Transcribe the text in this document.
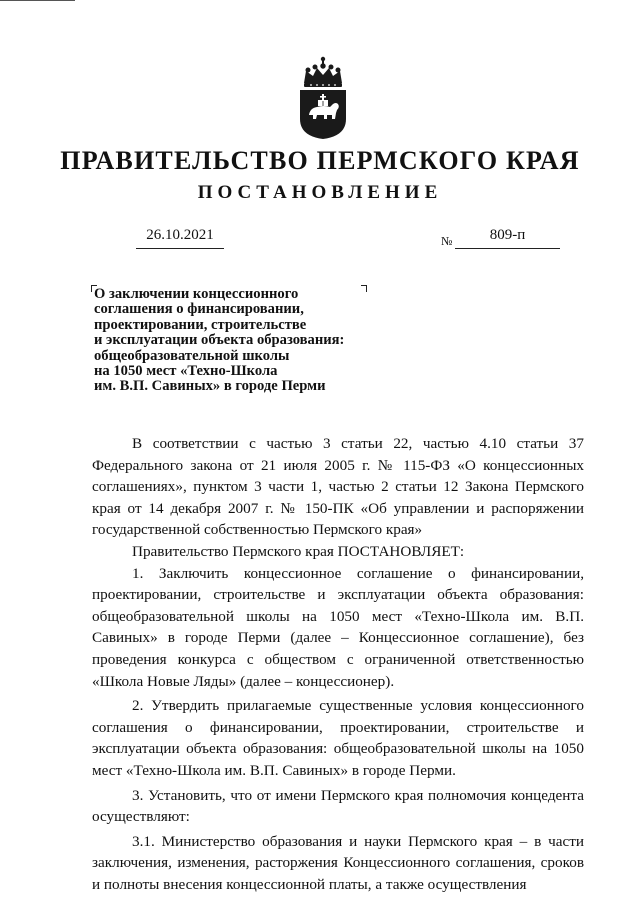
ПРАВИТЕЛЬСТВО ПЕРМСКОГО КРАЯ
ПОСТАНОВЛЕНИЕ
26.10.2021	№	809-п
О заключении концессионного
соглашения о финансировании,
проектировании, строительстве
и эксплуатации объекта образования:
общеобразовательной школы
на 1050 мест «Техно-Школа
им. В.П. Савиных» в городе Перми

В соответствии с частью 3 статьи 22, частью 4.10 статьи 37 Федерального закона от 21 июля 2005 г. № 115-ФЗ «О концессионных соглашениях», пунктом 3 части 1, частью 2 статьи 12 Закона Пермского края от 14 декабря 2007 г. № 150-ПК «Об управлении и распоряжении государственной собственностью Пермского края»

Правительство Пермского края ПОСТАНОВЛЯЕТ:

1. Заключить концессионное соглашение о финансировании, проектировании, строительстве и эксплуатации объекта образования: общеобразовательной школы на 1050 мест «Техно-Школа им. В.П. Савиных» в городе Перми (далее – Концессионное соглашение), без проведения конкурса с обществом с ограниченной ответственностью «Школа Новые Ляды» (далее – концессионер).

2. Утвердить прилагаемые существенные условия концессионного соглашения о финансировании, проектировании, строительстве и эксплуатации объекта образования: общеобразовательной школы на 1050 мест «Техно-Школа им. В.П. Савиных» в городе Перми.

3. Установить, что от имени Пермского края полномочия концедента осуществляют:

3.1. Министерство образования и науки Пермского края – в части заключения, изменения, расторжения Концессионного соглашения, сроков и полноты внесения концессионной платы, а также осуществления
